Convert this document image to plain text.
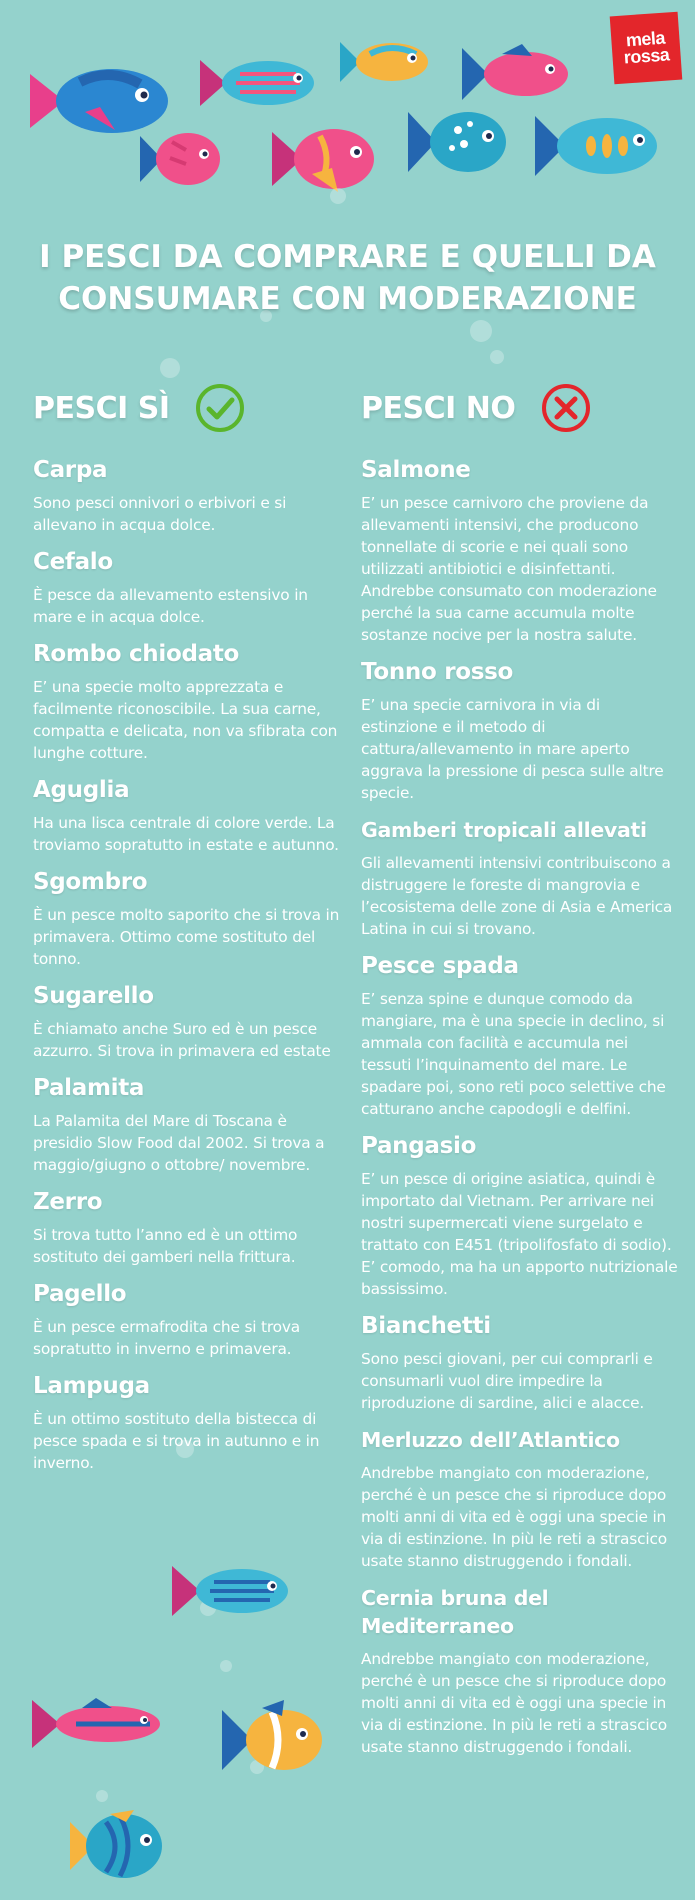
mela
rossa
I PESCI DA COMPRARE E QUELLI DA CONSUMARE CON MODERAZIONE
PESCI SÌ
Carpa

Sono pesci onnivori o erbivori e si allevano in acqua dolce.

Cefalo

È pesce da allevamento estensivo in mare e in acqua dolce.

Rombo chiodato

E’ una specie molto apprezzata e facilmente riconoscibile. La sua carne, compatta e delicata, non va sfibrata con lunghe cotture.

Aguglia

Ha una lisca centrale di colore verde. La troviamo sopratutto in estate e autunno.

Sgombro

È un pesce molto saporito che si trova in primavera. Ottimo come sostituto del tonno.

Sugarello

È chiamato anche Suro ed è un pesce azzurro. Si trova in primavera ed estate

Palamita

La Palamita del Mare di Toscana è presidio Slow Food dal 2002. Si trova a maggio/giugno o ottobre/ novembre.

Zerro

Si trova tutto l’anno ed è un ottimo sostituto dei gamberi nella frittura.

Pagello

È un pesce ermafrodita che si trova sopratutto in inverno e primavera.

Lampuga

È un ottimo sostituto della bistecca di pesce spada e si trova in autunno e in inverno.

PESCI NO
Salmone

E’ un pesce carnivoro che proviene da allevamenti intensivi, che producono tonnellate di scorie e nei quali sono utilizzati antibiotici e disinfettanti. Andrebbe consumato con moderazione perché la sua carne accumula molte sostanze nocive per la nostra salute.

Tonno rosso

E’ una specie carnivora in via di estinzione e il metodo di cattura/allevamento in mare aperto aggrava la pressione di pesca sulle altre specie.

Gamberi tropicali allevati

Gli allevamenti intensivi contribuiscono a distruggere le foreste di mangrovia e l’ecosistema delle zone di Asia e America Latina in cui si trovano.

Pesce spada

E’ senza spine e dunque comodo da mangiare, ma è una specie in declino, si ammala con facilità e accumula nei tessuti l’inquinamento del mare. Le spadare poi, sono reti poco selettive che catturano anche capodogli e delfini.

Pangasio

E’ un pesce di origine asiatica, quindi è importato dal Vietnam. Per arrivare nei nostri supermercati viene surgelato e trattato con E451 (tripolifosfato di sodio). E’ comodo, ma ha un apporto nutrizionale bassissimo.

Bianchetti

Sono pesci giovani, per cui comprarli e consumarli vuol dire impedire la riproduzione di sardine, alici e alacce.

Merluzzo dell’Atlantico

Andrebbe mangiato con moderazione, perché è un pesce che si riproduce dopo molti anni di vita ed è oggi una specie in via di estinzione. In più le reti a strascico usate stanno distruggendo i fondali.

Cernia bruna del Mediterraneo

Andrebbe mangiato con moderazione, perché è un pesce che si riproduce dopo molti anni di vita ed è oggi una specie in via di estinzione. In più le reti a strascico usate stanno distruggendo i fondali.
